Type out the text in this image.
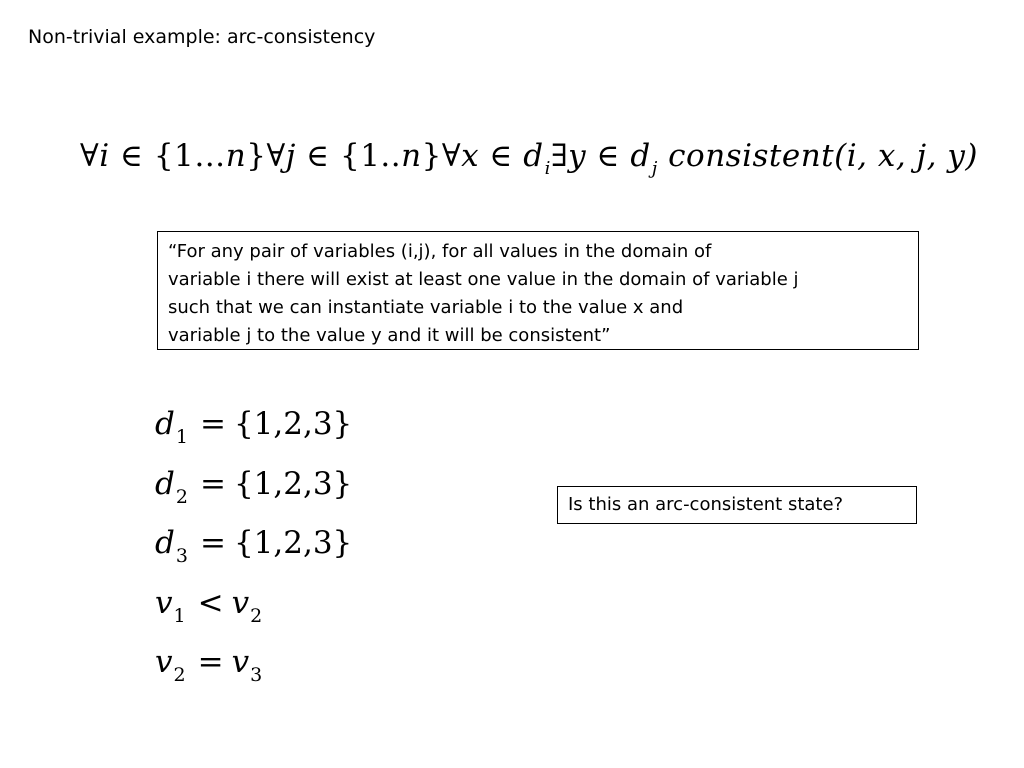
Non-trivial example: arc-consistency
∀i ∈ {1…n}∀j ∈ {1..n}∀x ∈ $d_i\exists y$ ∈ $d_j$ consistent(i, x, j, y)
“For any pair of variables (i,j), for all values in the domain of
variable i there will exist at least one value in the domain of variable j
such that we can instantiate variable i to the value x and
variable j to the value y and it will be consistent”
$d_1 = \{1,2,3\}$
$d_2 = \{1,2,3\}$
$d_3 = \{1,2,3\}$
$v_1 < v_2$
$v_2 = v_3$
Is this an arc-consistent state?
